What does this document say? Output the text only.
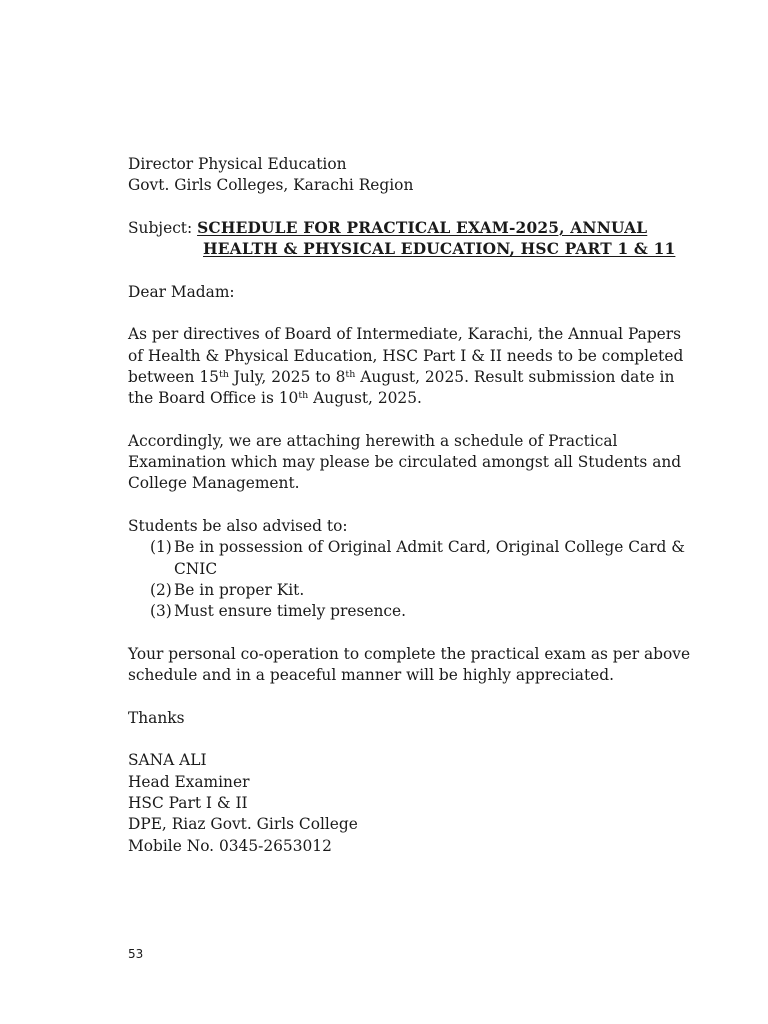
Director Physical Education
Govt. Girls Colleges, Karachi Region
Subject: SCHEDULE FOR PRACTICAL EXAM-2025, ANNUAL
HEALTH & PHYSICAL EDUCATION, HSC PART 1 & 11
Dear Madam:
As per directives of Board of Intermediate, Karachi, the Annual Papers
of Health & Physical Education, HSC Part I & II needs to be completed
between 15th July, 2025 to 8th August, 2025. Result submission date in
the Board Office is 10th August, 2025.
Accordingly, we are attaching herewith a schedule of Practical
Examination which may please be circulated amongst all Students and
College Management.
Students be also advised to:
(1) Be in possession of Original Admit Card, Original College Card &
CNIC
(2) Be in proper Kit.
(3) Must ensure timely presence.
Your personal co-operation to complete the practical exam as per above
schedule and in a peaceful manner will be highly appreciated.
Thanks
SANA ALI
Head Examiner
HSC Part I & II
DPE, Riaz Govt. Girls College
Mobile No. 0345-2653012
53
